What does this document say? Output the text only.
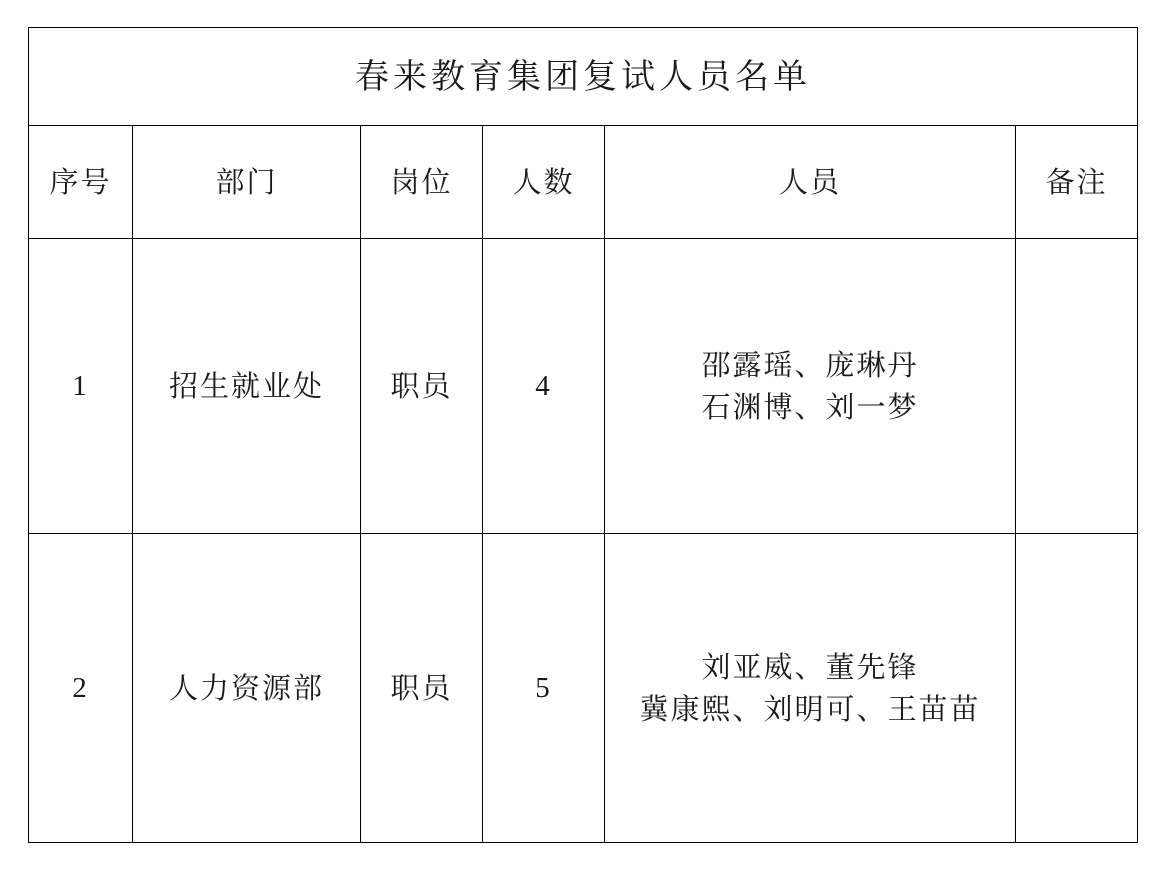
春来教育集团复试人员名单					
序号	部门	岗位	人数	人员	备注
1	招生就业处	职员	4	邵露瑶、庞琳丹
石渊博、刘一梦	

2	人力资源部	职员	5	刘亚威、董先锋
冀康熙、刘明可、王苗苗	
